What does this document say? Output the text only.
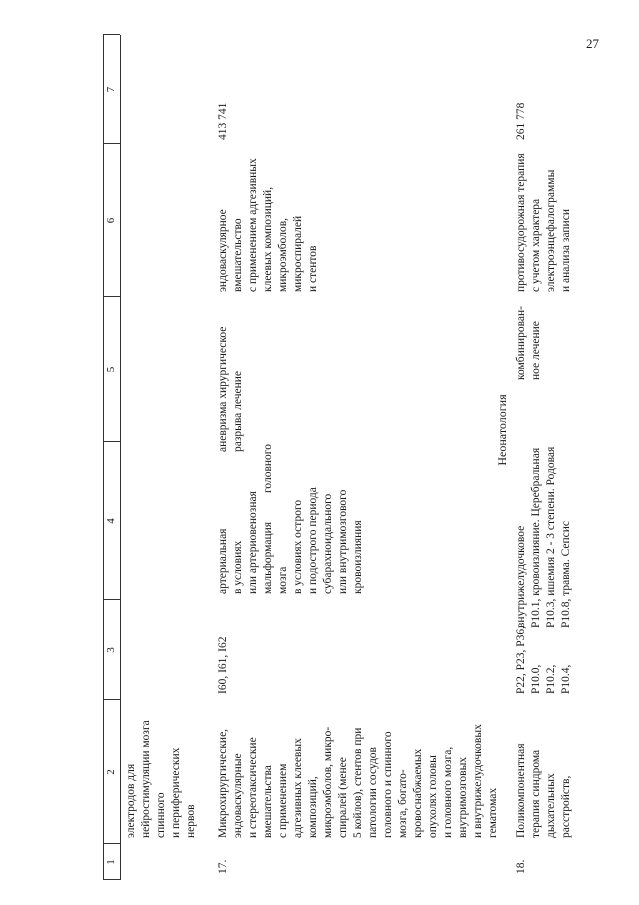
27
1
2
3
4
5
6
7
электродов для
нейростимуляции мозга
спинного
и периферических
нервов
17.
Микрохирургические,
эндоваскулярные
и стереотаксические
вмешательства
с применением
адгезивных клеевых
композиций,
микроэмболов, микро-
спиралей (менее
5 койлов), стентов при
патологии сосудов
головного и спинного
мозга, богато-
кровоснабжаемых
опухолях головы
и головного мозга,
внутримозговых
и внутрижелудочковых
гематомах
I60, I61, I62
артериальная
в условиях
или артериовенозная
мальформация головного мозга
в условиях острого
и подострого периода
субарахноидального
или внутримозгового
кровоизлияния
аневризма хирургическое
разрыва лечение
эндоваскулярное вмешательство
с применением адгезивных
клеевых композиций,
микроэмболов, микроспиралей
и стентов
413 741
Неонатология
18.
Поликомпонентная
терапия синдрома
дыхательных
расстройств,
P22, P23, P36,
P10.0,
P10.2,
P10.4,
внутрижелудочковое
P10.1, кровоизлияние. Церебральная
P10.3, ишемия 2 - 3 степени. Родовая
P10.8, травма. Сепсис
комбинирован-
ное лечение
противосудорожная терапия
с учетом характера
электроэнцефалограммы
и анализа записи
261 778
